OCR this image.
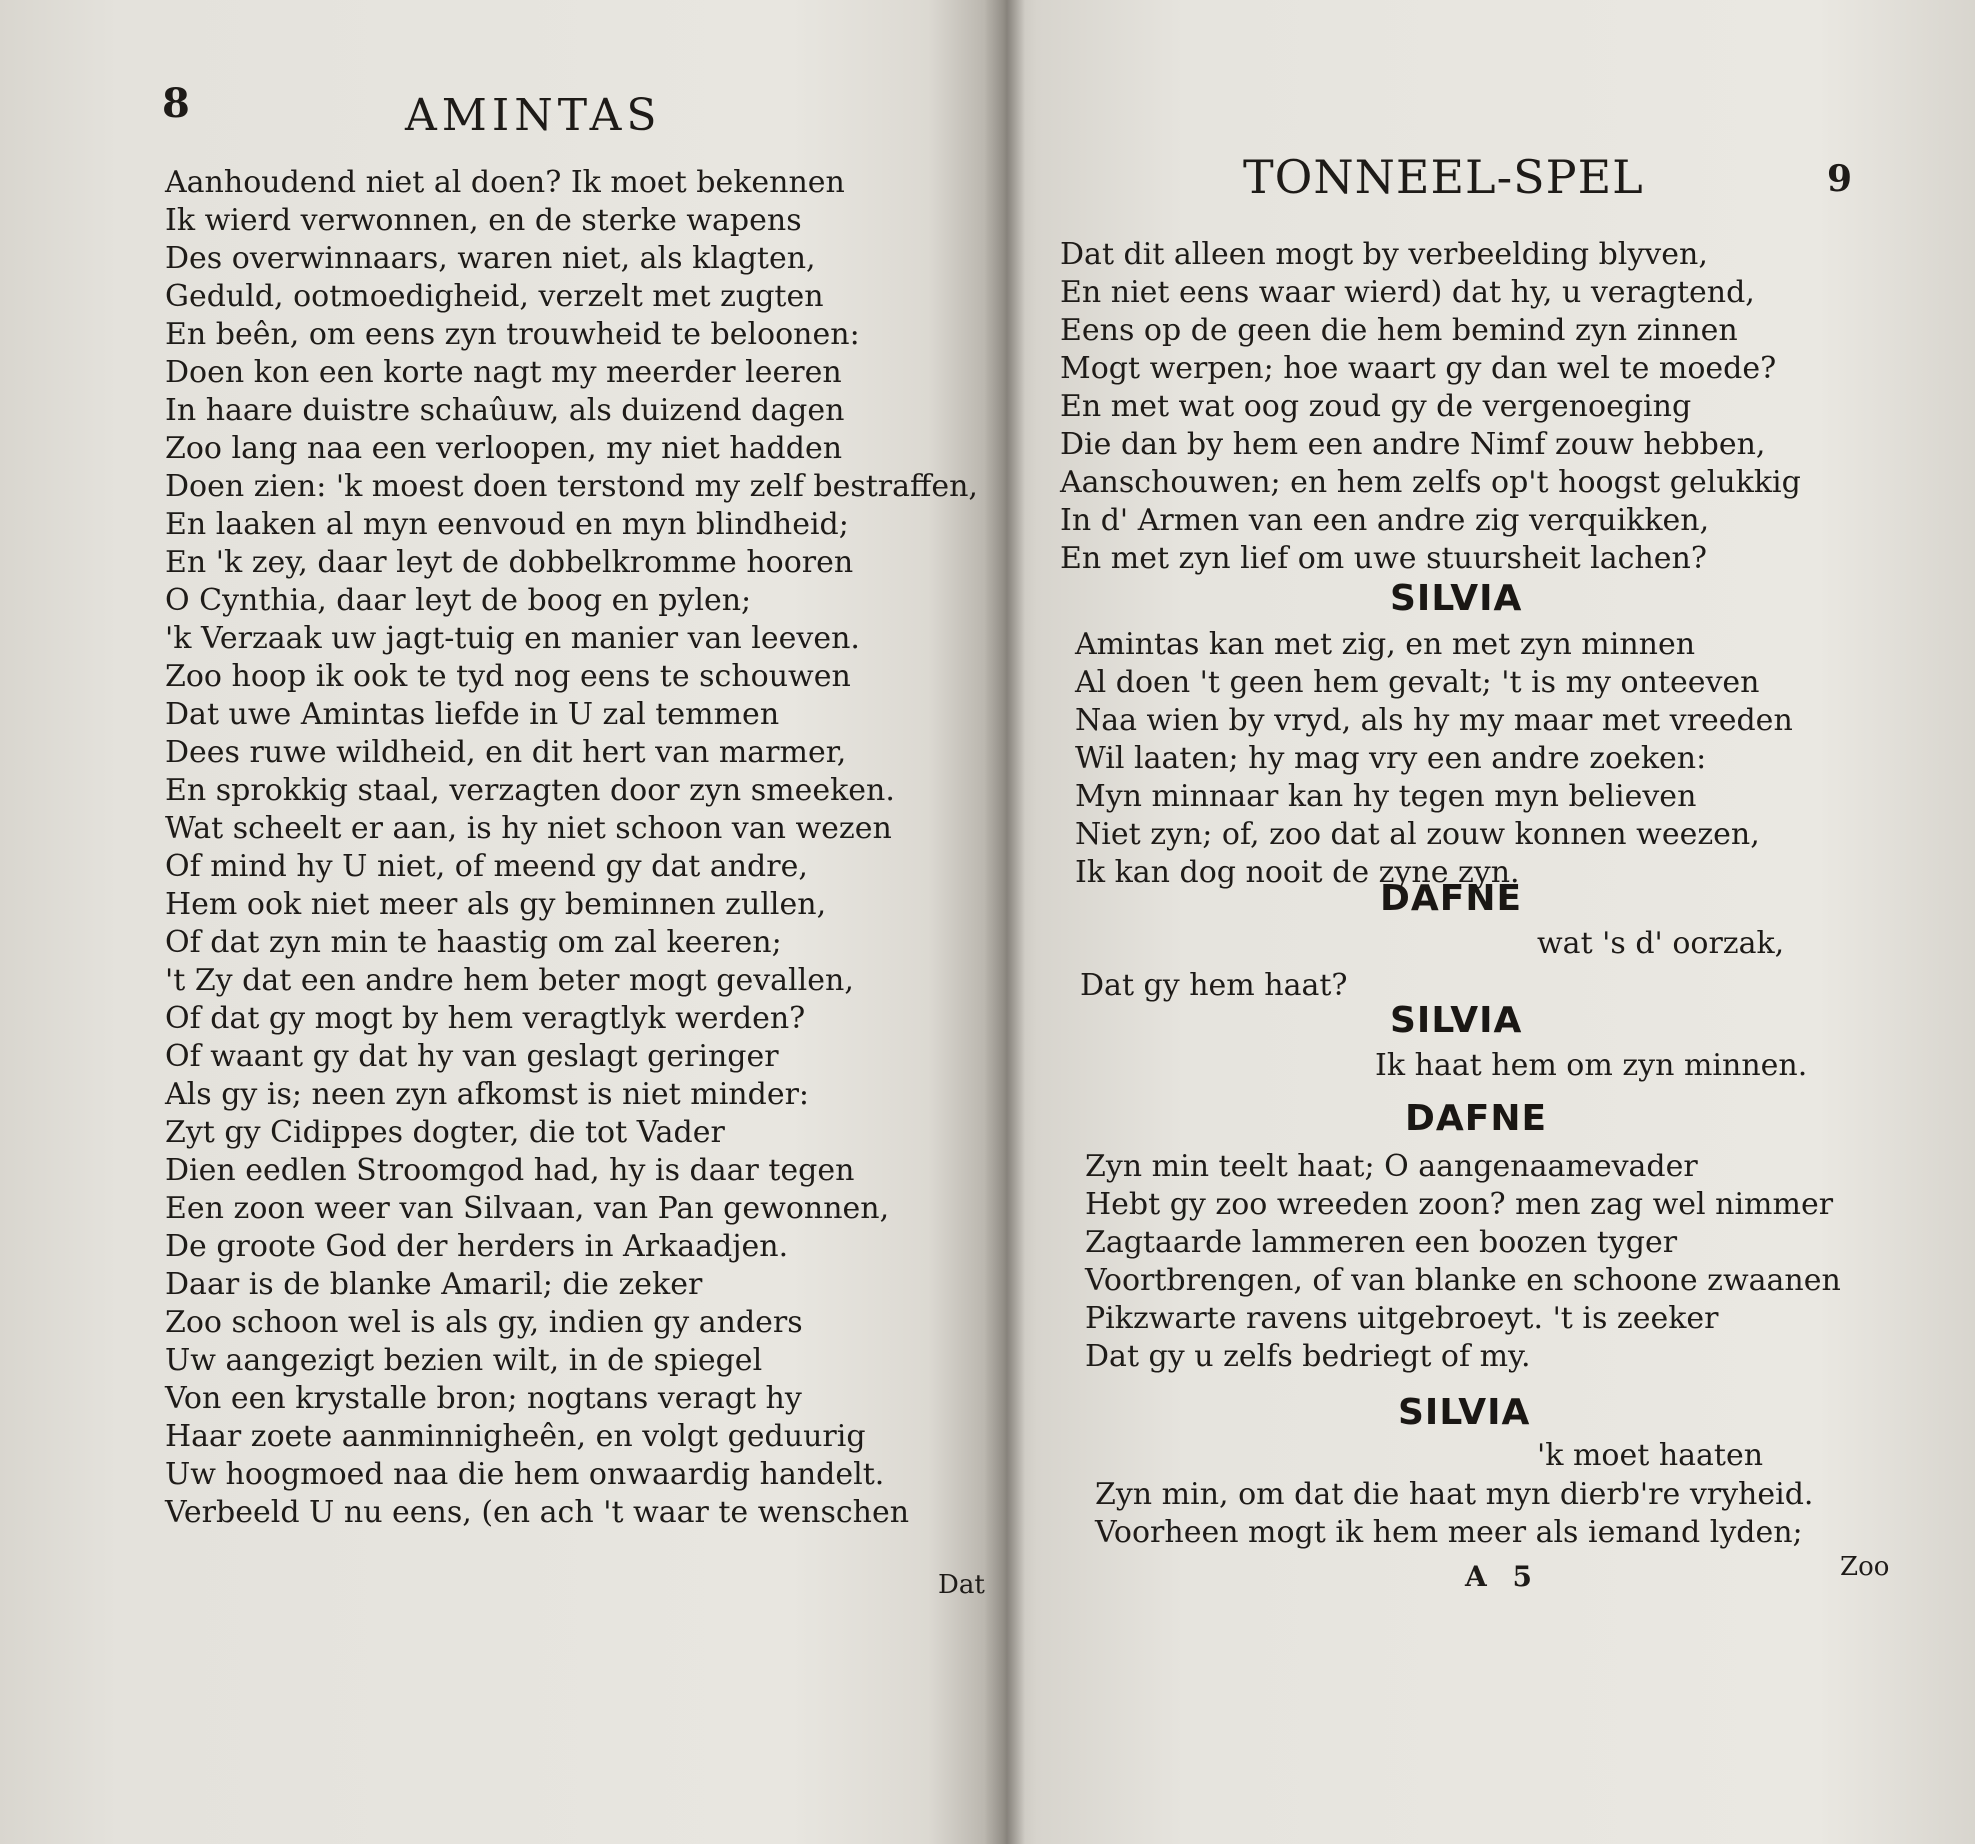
8	AMINTAS
Aanhoudend niet al doen? Ik moet bekennen
Ik wierd verwonnen, en de sterke wapens
Des overwinnaars, waren niet, als klagten,
Geduld, ootmoedigheid, verzelt met zugten
En beên, om eens zyn trouwheid te beloonen:
Doen kon een korte nagt my meerder leeren
In haare duistre schaûuw, als duizend dagen
Zoo lang naa een verloopen, my niet hadden
Doen zien: 'k moest doen terstond my zelf bestraffen,
En laaken al myn eenvoud en myn blindheid;
En 'k zey, daar leyt de dobbelkromme hooren
O Cynthia, daar leyt de boog en pylen;
'k Verzaak uw jagt-tuig en manier van leeven.
Zoo hoop ik ook te tyd nog eens te schouwen
Dat uwe Amintas liefde in U zal temmen
Dees ruwe wildheid, en dit hert van marmer,
En sprokkig staal, verzagten door zyn smeeken.
Wat scheelt er aan, is hy niet schoon van wezen
Of mind hy U niet, of meend gy dat andre,
Hem ook niet meer als gy beminnen zullen,
Of dat zyn min te haastig om zal keeren;
't Zy dat een andre hem beter mogt gevallen,
Of dat gy mogt by hem veragtlyk werden?
Of waant gy dat hy van geslagt geringer
Als gy is; neen zyn afkomst is niet minder:
Zyt gy Cidippes dogter, die tot Vader
Dien eedlen Stroomgod had, hy is daar tegen
Een zoon weer van Silvaan, van Pan gewonnen,
De groote God der herders in Arkaadjen.
Daar is de blanke Amaril; die zeker
Zoo schoon wel is als gy, indien gy anders
Uw aangezigt bezien wilt, in de spiegel
Von een krystalle bron; nogtans veragt hy
Haar zoete aanminnigheên, en volgt geduurig
Uw hoogmoed naa die hem onwaardig handelt.
Verbeeld U nu eens, (en ach 't waar te wenschen
Dat
TONNEEL-SPEL	9
Dat dit alleen mogt by verbeelding blyven,
En niet eens waar wierd) dat hy, u veragtend,
Eens op de geen die hem bemind zyn zinnen
Mogt werpen; hoe waart gy dan wel te moede?
En met wat oog zoud gy de vergenoeging
Die dan by hem een andre Nimf zouw hebben,
Aanschouwen; en hem zelfs op't hoogst gelukkig
In d' Armen van een andre zig verquikken,
En met zyn lief om uwe stuursheit lachen?
SILVIA
Amintas kan met zig, en met zyn minnen
Al doen 't geen hem gevalt; 't is my onteeven
Naa wien by vryd, als hy my maar met vreeden
Wil laaten; hy mag vry een andre zoeken:
Myn minnaar kan hy tegen myn believen
Niet zyn; of, zoo dat al zouw konnen weezen,
Ik kan dog nooit de zyne zyn.
DAFNE
wat 's d' oorzak,
Dat gy hem haat?
SILVIA
Ik haat hem om zyn minnen.
DAFNE
Zyn min teelt haat; O aangenaamevader
Hebt gy zoo wreeden zoon? men zag wel nimmer
Zagtaarde lammeren een boozen tyger
Voortbrengen, of van blanke en schoone zwaanen
Pikzwarte ravens uitgebroeyt. 't is zeeker
Dat gy u zelfs bedriegt of my.
SILVIA
'k moet haaten
Zyn min, om dat die haat myn dierb're vryheid.
Voorheen mogt ik hem meer als iemand lyden;
A 5	Zoo
